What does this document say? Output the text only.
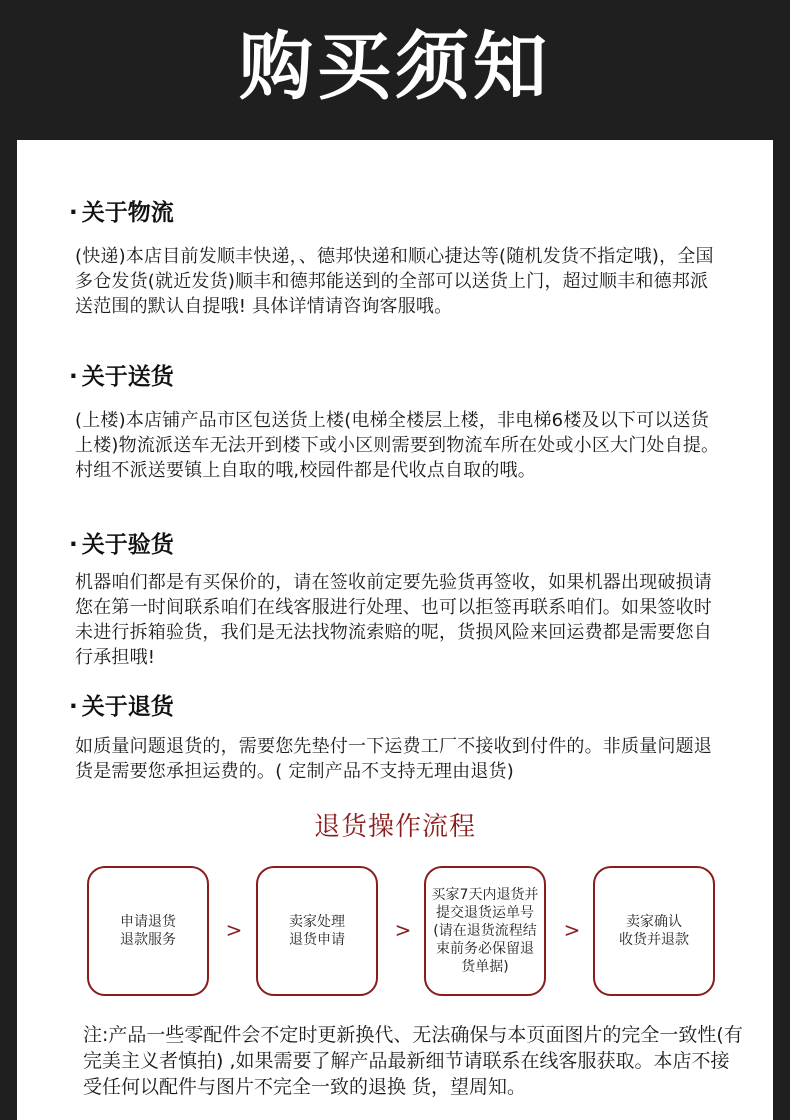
购买须知
· 关于物流
(快递)本店目前发顺丰快递，、德邦快递和顺心捷达等(随机发货不指定哦)，全国多仓发货(就近发货)顺丰和德邦能送到的全部可以送货上门，超过顺丰和德邦派送范围的默认自提哦! 具体详情请咨询客服哦。
· 关于送货
(上楼)本店铺产品市区包送货上楼(电梯全楼层上楼，非电梯6楼及以下可以送货上楼)物流派送车无法开到楼下或小区则需要到物流车所在处或小区大门处自提。村组不派送要镇上自取的哦,校园件都是代收点自取的哦。
· 关于验货
机器咱们都是有买保价的，请在签收前定要先验货再签收，如果机器出现破损请您在第一时间联系咱们在线客服进行处理、也可以拒签再联系咱们。如果签收时未进行拆箱验货，我们是无法找物流索赔的呢，货损风险来回运费都是需要您自行承担哦!
· 关于退货
如质量问题退货的，需要您先垫付一下运费工厂不接收到付件的。非质量问题退货是需要您承担运费的。( 定制产品不支持无理由退货)
退货操作流程
申请退货
退款服务	>	卖家处理
退货申请	>
买家7天内退货并
提交退货运单号
(请在退货流程结
束前务必保留退
货单据)
>	卖家确认
收货并退款
注:产品一些零配件会不定时更新换代、无法确保与本页面图片的完全一致性(有 完美主义者慎拍) ,如果需要了解产品最新细节请联系在线客服获取。本店不接受任何以配件与图片不完全一致的退换 货，望周知。
